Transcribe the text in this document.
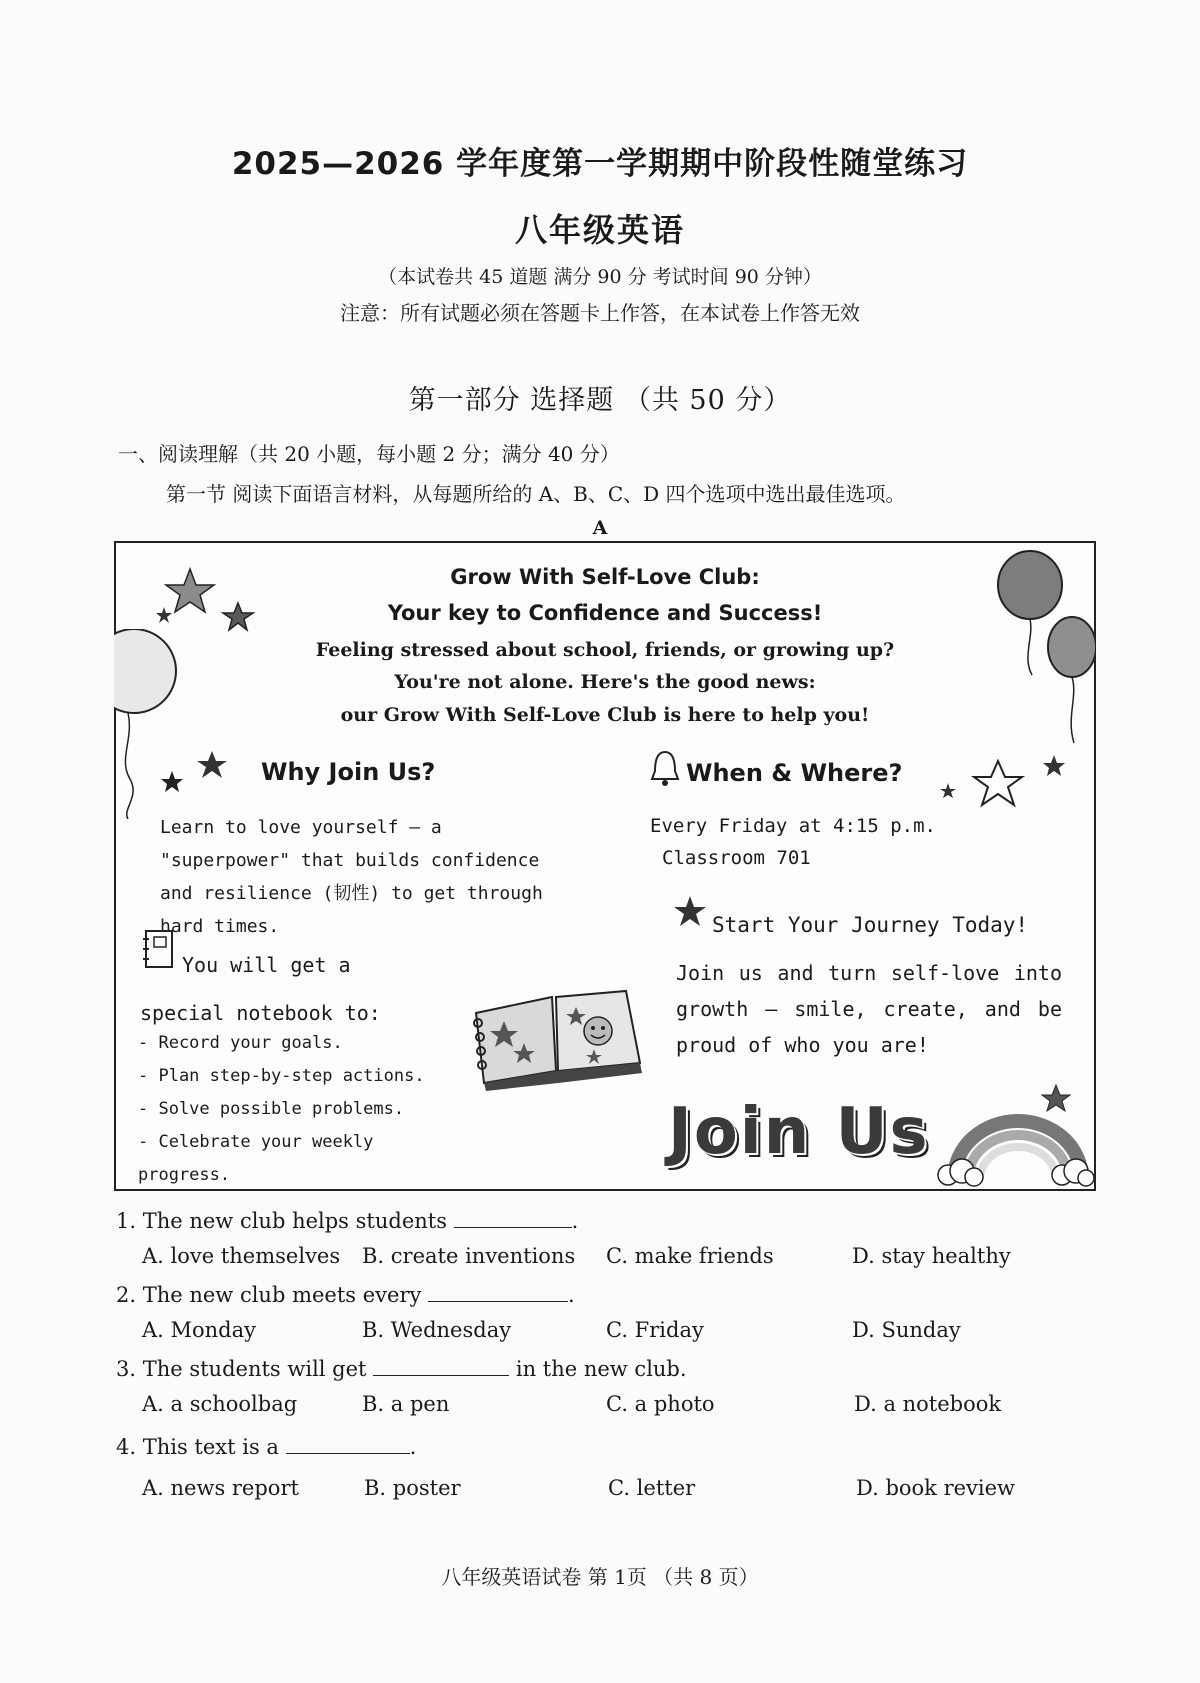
2025—2026 学年度第一学期期中阶段性随堂练习
八年级英语
（本试卷共 45 道题 满分 90 分 考试时间 90 分钟）
注意：所有试题必须在答题卡上作答，在本试卷上作答无效
第一部分 选择题 （共 50 分）
一、阅读理解（共 20 小题，每小题 2 分；满分 40 分）
第一节 阅读下面语言材料，从每题所给的 A、B、C、D 四个选项中选出最佳选项。
A
Grow With Self-Love Club:
Your key to Confidence and Success!
Feeling stressed about school, friends, or growing up?
You're not alone. Here's the good news:
our Grow With Self-Love Club is here to help you!
Why Join Us?
Learn to love yourself — a "superpower" that builds confidence and resilience (韧性) to get through hard times.
You will get a special notebook to:
- Record your goals.
- Plan step-by-step actions.
- Solve possible problems.
- Celebrate your weekly progress.
When & Where?
Every Friday at 4:15 p.m.
Classroom 701
Start Your Journey Today!
Join us and turn self-love into growth — smile, create, and be proud of who you are!
Join Us
1. The new club helps students	.
A. love themselves B. create inventions C. make friends	D. stay healthy
2. The new club meets every	.
A. Monday	B. Wednesday	C. Friday	D. Sunday
3. The students will get	in the new club.
A. a schoolbag	B. a pen	C. a photo	D. a notebook
4. This text is a	.
A. news report	B. poster	C. letter	D. book review
八年级英语试卷 第 1页 （共 8 页）
